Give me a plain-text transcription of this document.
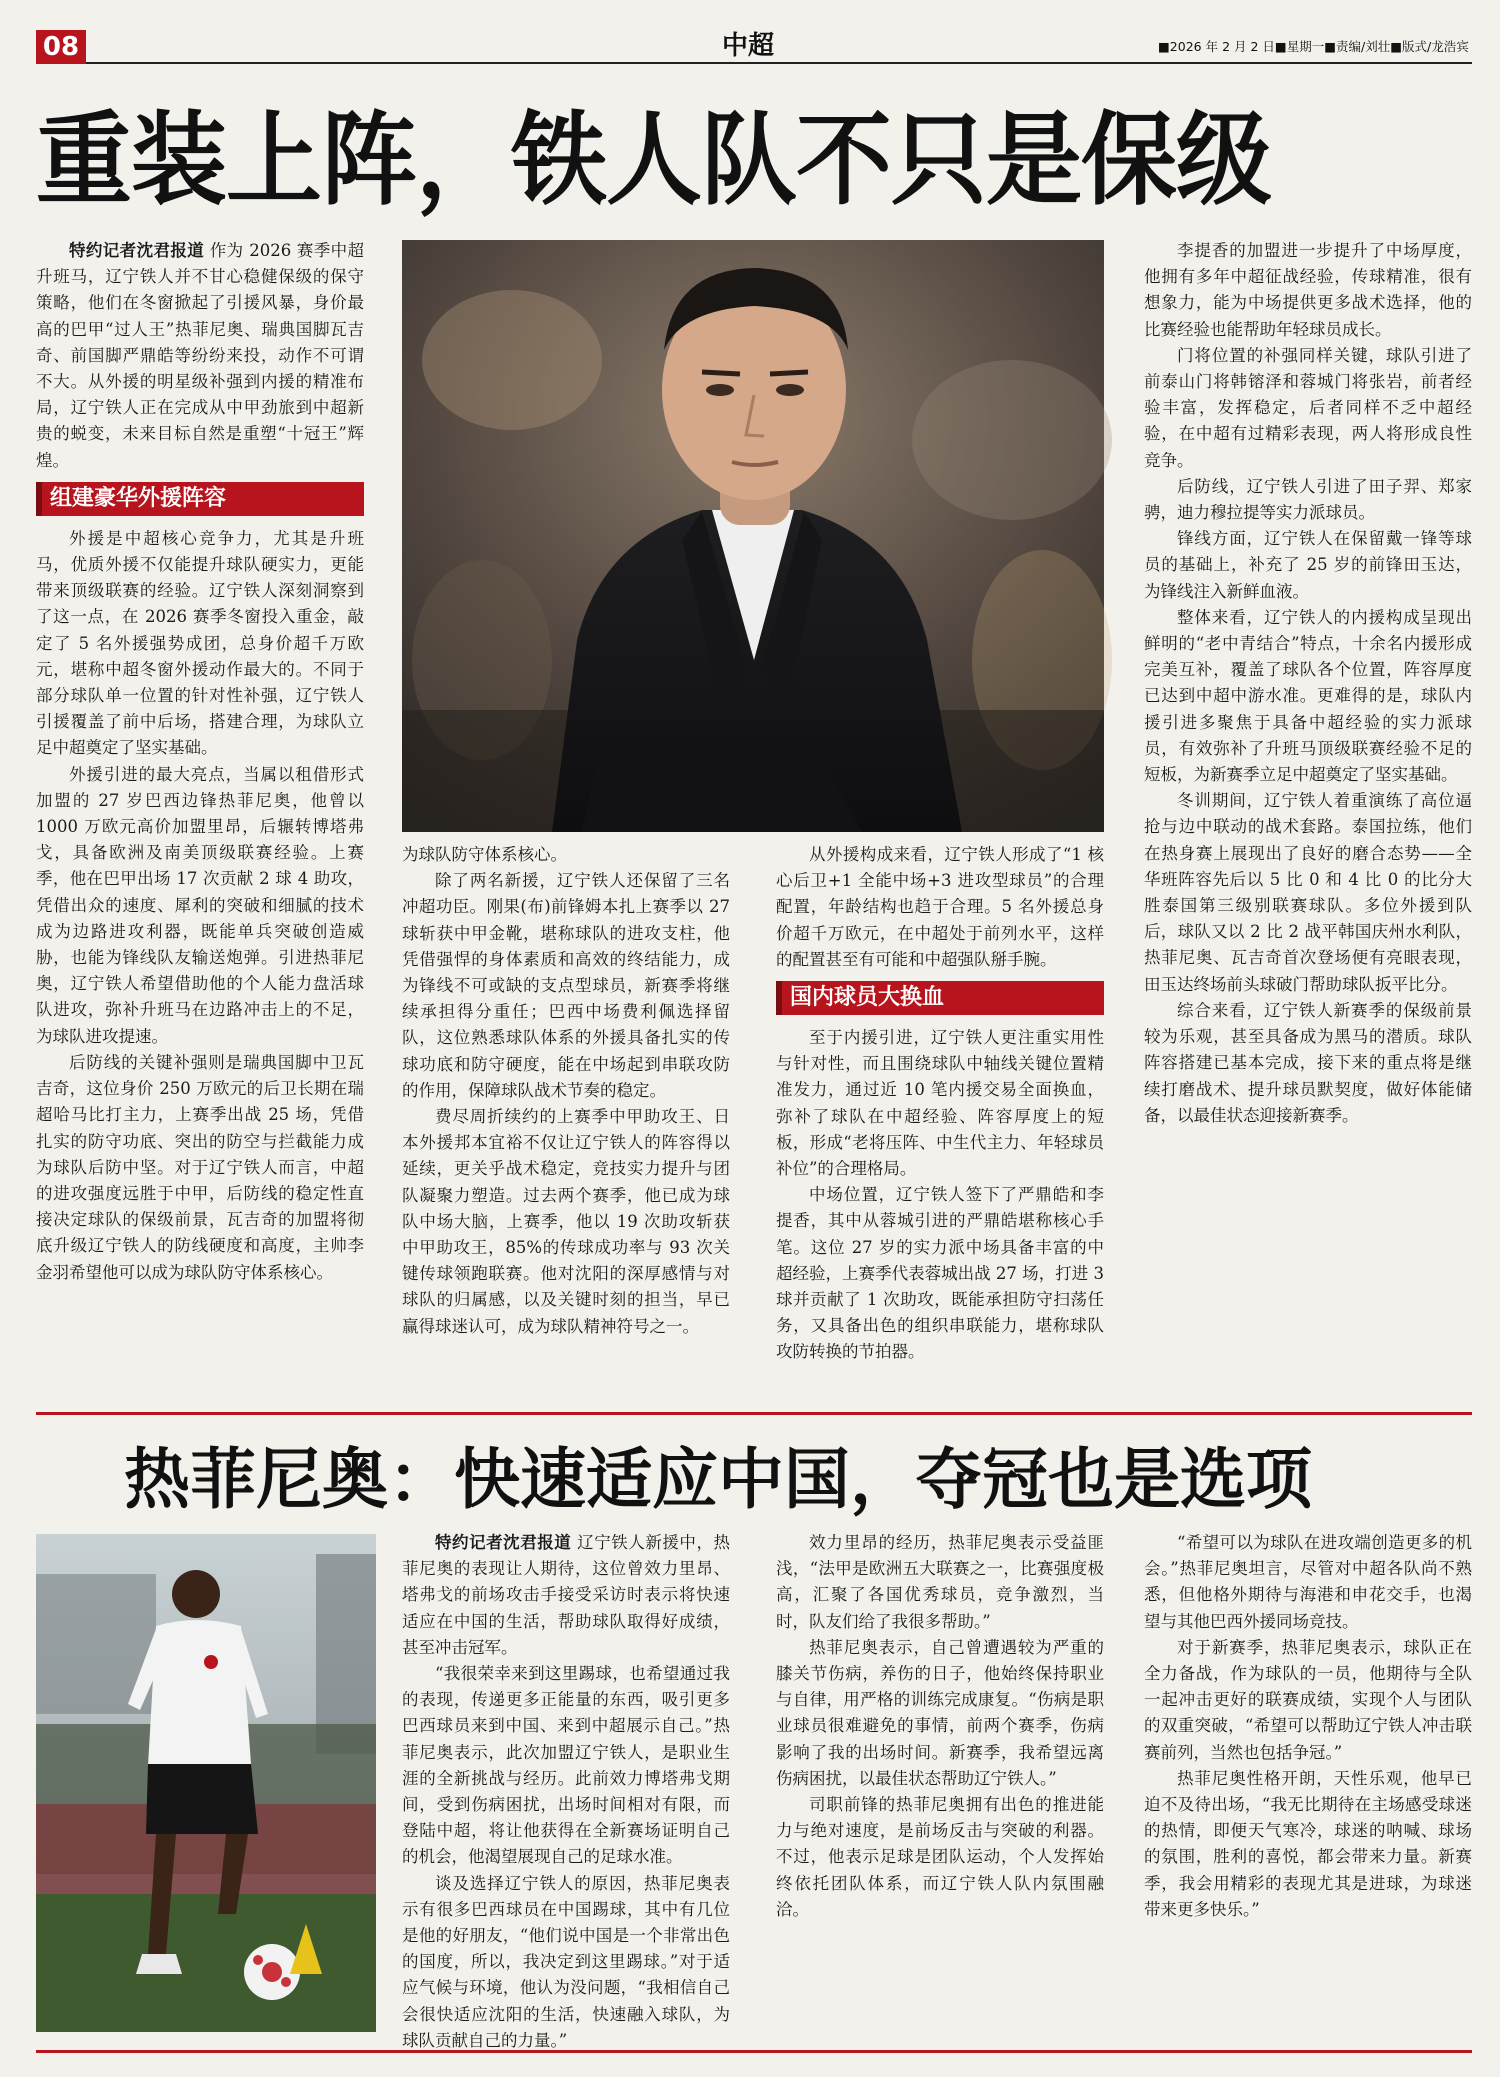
08	中超	■2026 年 2 月 2 日■星期一■责编/刘壮■版式/龙浩宾
重装上阵，铁人队不只是保级

特约记者沈君报道 作为 2026 赛季中超升班马，辽宁铁人并不甘心稳健保级的保守策略，他们在冬窗掀起了引援风暴，身价最高的巴甲“过人王”热菲尼奥、瑞典国脚瓦吉奇、前国脚严鼎皓等纷纷来投，动作不可谓不大。从外援的明星级补强到内援的精准布局，辽宁铁人正在完成从中甲劲旅到中超新贵的蜕变，未来目标自然是重塑“十冠王”辉煌。

组建豪华外援阵容

外援是中超核心竞争力，尤其是升班马，优质外援不仅能提升球队硬实力，更能带来顶级联赛的经验。辽宁铁人深刻洞察到了这一点，在 2026 赛季冬窗投入重金，敲定了 5 名外援强势成团，总身价超千万欧元，堪称中超冬窗外援动作最大的。不同于部分球队单一位置的针对性补强，辽宁铁人引援覆盖了前中后场，搭建合理，为球队立足中超奠定了坚实基础。

外援引进的最大亮点，当属以租借形式加盟的 27 岁巴西边锋热菲尼奥，他曾以 1000 万欧元高价加盟里昂，后辗转博塔弗戈，具备欧洲及南美顶级联赛经验。上赛季，他在巴甲出场 17 次贡献 2 球 4 助攻，凭借出众的速度、犀利的突破和细腻的技术成为边路进攻利器，既能单兵突破创造威胁，也能为锋线队友输送炮弹。引进热菲尼奥，辽宁铁人希望借助他的个人能力盘活球队进攻，弥补升班马在边路冲击上的不足，为球队进攻提速。

后防线的关键补强则是瑞典国脚中卫瓦吉奇，这位身价 250 万欧元的后卫长期在瑞超哈马比打主力，上赛季出战 25 场，凭借扎实的防守功底、突出的防空与拦截能力成为球队后防中坚。对于辽宁铁人而言，中超的进攻强度远胜于中甲，后防线的稳定性直接决定球队的保级前景，瓦吉奇的加盟将彻底升级辽宁铁人的防线硬度和高度，主帅李金羽希望他可以成为球队防守体系核心。

为球队防守体系核心。

除了两名新援，辽宁铁人还保留了三名冲超功臣。刚果(布)前锋姆本扎上赛季以 27 球斩获中甲金靴，堪称球队的进攻支柱，他凭借强悍的身体素质和高效的终结能力，成为锋线不可或缺的支点型球员，新赛季将继续承担得分重任；巴西中场费利佩选择留队，这位熟悉球队体系的外援具备扎实的传球功底和防守硬度，能在中场起到串联攻防的作用，保障球队战术节奏的稳定。

费尽周折续约的上赛季中甲助攻王、日本外援邦本宜裕不仅让辽宁铁人的阵容得以延续，更关乎战术稳定，竞技实力提升与团队凝聚力塑造。过去两个赛季，他已成为球队中场大脑，上赛季，他以 19 次助攻斩获中甲助攻王，85%的传球成功率与 93 次关键传球领跑联赛。他对沈阳的深厚感情与对球队的归属感，以及关键时刻的担当，早已赢得球迷认可，成为球队精神符号之一。

从外援构成来看，辽宁铁人形成了“1 核心后卫+1 全能中场+3 进攻型球员”的合理配置，年龄结构也趋于合理。5 名外援总身价超千万欧元，在中超处于前列水平，这样的配置甚至有可能和中超强队掰手腕。

国内球员大换血

至于内援引进，辽宁铁人更注重实用性与针对性，而且围绕球队中轴线关键位置精准发力，通过近 10 笔内援交易全面换血，弥补了球队在中超经验、阵容厚度上的短板，形成“老将压阵、中生代主力、年轻球员补位”的合理格局。

中场位置，辽宁铁人签下了严鼎皓和李提香，其中从蓉城引进的严鼎皓堪称核心手笔。这位 27 岁的实力派中场具备丰富的中超经验，上赛季代表蓉城出战 27 场，打进 3 球并贡献了 1 次助攻，既能承担防守扫荡任务，又具备出色的组织串联能力，堪称球队攻防转换的节拍器。

李提香的加盟进一步提升了中场厚度，他拥有多年中超征战经验，传球精准，很有想象力，能为中场提供更多战术选择，他的比赛经验也能帮助年轻球员成长。

门将位置的补强同样关键，球队引进了前泰山门将韩镕泽和蓉城门将张岩，前者经验丰富，发挥稳定，后者同样不乏中超经验，在中超有过精彩表现，两人将形成良性竞争。

后防线，辽宁铁人引进了田子羿、郑家骋，迪力穆拉提等实力派球员。

锋线方面，辽宁铁人在保留戴一锋等球员的基础上，补充了 25 岁的前锋田玉达，为锋线注入新鲜血液。

整体来看，辽宁铁人的内援构成呈现出鲜明的“老中青结合”特点，十余名内援形成完美互补，覆盖了球队各个位置，阵容厚度已达到中超中游水准。更难得的是，球队内援引进多聚焦于具备中超经验的实力派球员，有效弥补了升班马顶级联赛经验不足的短板，为新赛季立足中超奠定了坚实基础。

冬训期间，辽宁铁人着重演练了高位逼抢与边中联动的战术套路。泰国拉练，他们在热身赛上展现出了良好的磨合态势——全华班阵容先后以 5 比 0 和 4 比 0 的比分大胜泰国第三级别联赛球队。多位外援到队后，球队又以 2 比 2 战平韩国庆州水利队，热菲尼奥、瓦吉奇首次登场便有亮眼表现，田玉达终场前头球破门帮助球队扳平比分。

综合来看，辽宁铁人新赛季的保级前景较为乐观，甚至具备成为黑马的潜质。球队阵容搭建已基本完成，接下来的重点将是继续打磨战术、提升球员默契度，做好体能储备，以最佳状态迎接新赛季。

热菲尼奥：快速适应中国，夺冠也是选项

特约记者沈君报道 辽宁铁人新援中，热菲尼奥的表现让人期待，这位曾效力里昂、塔弗戈的前场攻击手接受采访时表示将快速适应在中国的生活，帮助球队取得好成绩，甚至冲击冠军。

“我很荣幸来到这里踢球，也希望通过我的表现，传递更多正能量的东西，吸引更多巴西球员来到中国、来到中超展示自己。”热菲尼奥表示，此次加盟辽宁铁人，是职业生涯的全新挑战与经历。此前效力博塔弗戈期间，受到伤病困扰，出场时间相对有限，而登陆中超，将让他获得在全新赛场证明自己的机会，他渴望展现自己的足球水准。

谈及选择辽宁铁人的原因，热菲尼奥表示有很多巴西球员在中国踢球，其中有几位是他的好朋友，“他们说中国是一个非常出色的国度，所以，我决定到这里踢球。”对于适应气候与环境，他认为没问题，“我相信自己会很快适应沈阳的生活，快速融入球队，为球队贡献自己的力量。”

效力里昂的经历，热菲尼奥表示受益匪浅，“法甲是欧洲五大联赛之一，比赛强度极高，汇聚了各国优秀球员，竞争激烈，当时，队友们给了我很多帮助。”

热菲尼奥表示，自己曾遭遇较为严重的膝关节伤病，养伤的日子，他始终保持职业与自律，用严格的训练完成康复。“伤病是职业球员很难避免的事情，前两个赛季，伤病影响了我的出场时间。新赛季，我希望远离伤病困扰，以最佳状态帮助辽宁铁人。”

司职前锋的热菲尼奥拥有出色的推进能力与绝对速度，是前场反击与突破的利器。不过，他表示足球是团队运动，个人发挥始终依托团队体系，而辽宁铁人队内氛围融洽。

“希望可以为球队在进攻端创造更多的机会。”热菲尼奥坦言，尽管对中超各队尚不熟悉，但他格外期待与海港和申花交手，也渴望与其他巴西外援同场竞技。

对于新赛季，热菲尼奥表示，球队正在全力备战，作为球队的一员，他期待与全队一起冲击更好的联赛成绩，实现个人与团队的双重突破，“希望可以帮助辽宁铁人冲击联赛前列，当然也包括争冠。”

热菲尼奥性格开朗，天性乐观，他早已迫不及待出场，“我无比期待在主场感受球迷的热情，即便天气寒冷，球迷的呐喊、球场的氛围，胜利的喜悦，都会带来力量。新赛季，我会用精彩的表现尤其是进球，为球迷带来更多快乐。”
